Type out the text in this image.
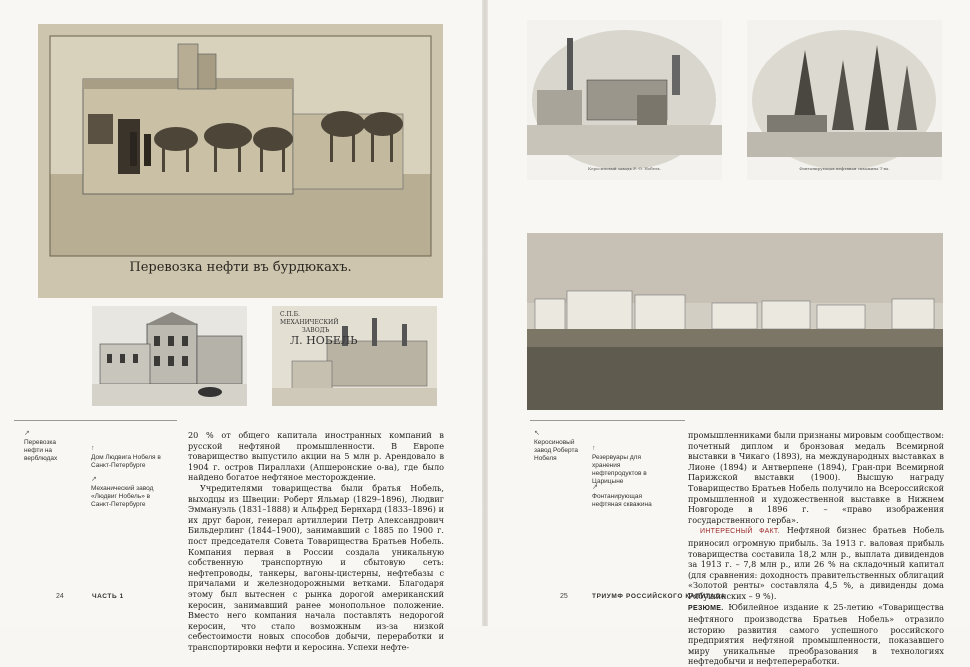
Перевозка нефти въ бурдюкахъ.
С.П.Б. МЕХАНИЧЕСКИЙ
ЗАВОДЪ
Л. НОБЕЛЬ
↗
Перевозка нефти на верблюдах
↑
Дом Людвига Нобеля в Санкт-Петербурге
↗
Механический завод «Людвиг Нобель» в Санкт-Петербурге

20 % от общего капитала иностранных компаний в русской нефтяной промышленности. В Европе товарищество выпустило акции на 5 млн р. Арендовало в 1904 г. остров Пираллахи (Апшеронские о-ва), где было найдено богатое нефтяное месторождение.

Учредителями товарищества были братья Нобель, выходцы из Швеции: Роберт Яльмар (1829–1896), Людвиг Эммануэль (1831–1888) и Альфред Бернхард (1833–1896) и их друг барон, генерал артиллерии Петр Александрович Бильдерлинг (1844–1900), занимавший с 1885 по 1900 г. пост председателя Совета Товарищества Братьев Нобель. Компания первая в России создала уникальную собственную транспортную и сбытовую сеть: нефтепроводы, танкеры, вагоны-цистерны, нефтебазы с причалами и железнодорожными ветками. Благодаря этому был вытеснен с рынка дорогой американский керосин, занимавший ранее монопольное положение. Вместо него компания начала поставлять недорогой керосин, что стало возможным из-за низкой себестоимости новых способов добычи, переработки и транспортировки нефти и керосина. Успехи нефте-

24	ЧАСТЬ 1
Керосиновый заводъ Р. О. Нобель.	Фонтанирующая нефтяная скважина Т-ва.
↖
Керосиновый завод Роберта Нобеля
↑
Резервуары для хранения нефтепродуктов в Царицыне
↗
Фонтанирующая нефтяная скважина

промышленниками были признаны мировым сообществом: почетный диплом и бронзовая медаль Всемирной выставки в Чикаго (1893), на международных выставках в Лионе (1894) и Антверпене (1894), Гран-при Всемирной Парижской выставки (1900). Высшую награду Товарищество Братьев Нобель получило на Всероссийской промышленной и художественной выставке в Нижнем Новгороде в 1896 г. – «право изображения государственного герба».

ИНТЕРЕСНЫЙ ФАКТ. Нефтяной бизнес братьев Нобель приносил огромную прибыль. За 1913 г. валовая прибыль товарищества составила 18,2 млн р., выплата дивидендов за 1913 г. – 7,8 млн р., или 26 % на складочный капитал (для сравнения: доходность правительственных облигаций «Золотой ренты» составляла 4,5 %, а дивиденды дома Рябушинских – 9 %).

РЕЗЮМЕ. Юбилейное издание к 25-летию «Товарищества нефтяного производства Братьев Нобель» отразило историю развития самого успешного российского предприятия нефтяной промышленности, показавшего миру уникальные преобразования в технологиях нефтедобычи и нефтепереработки.

25	ТРИУМФ РОССИЙСКОГО КАПИТАЛА
